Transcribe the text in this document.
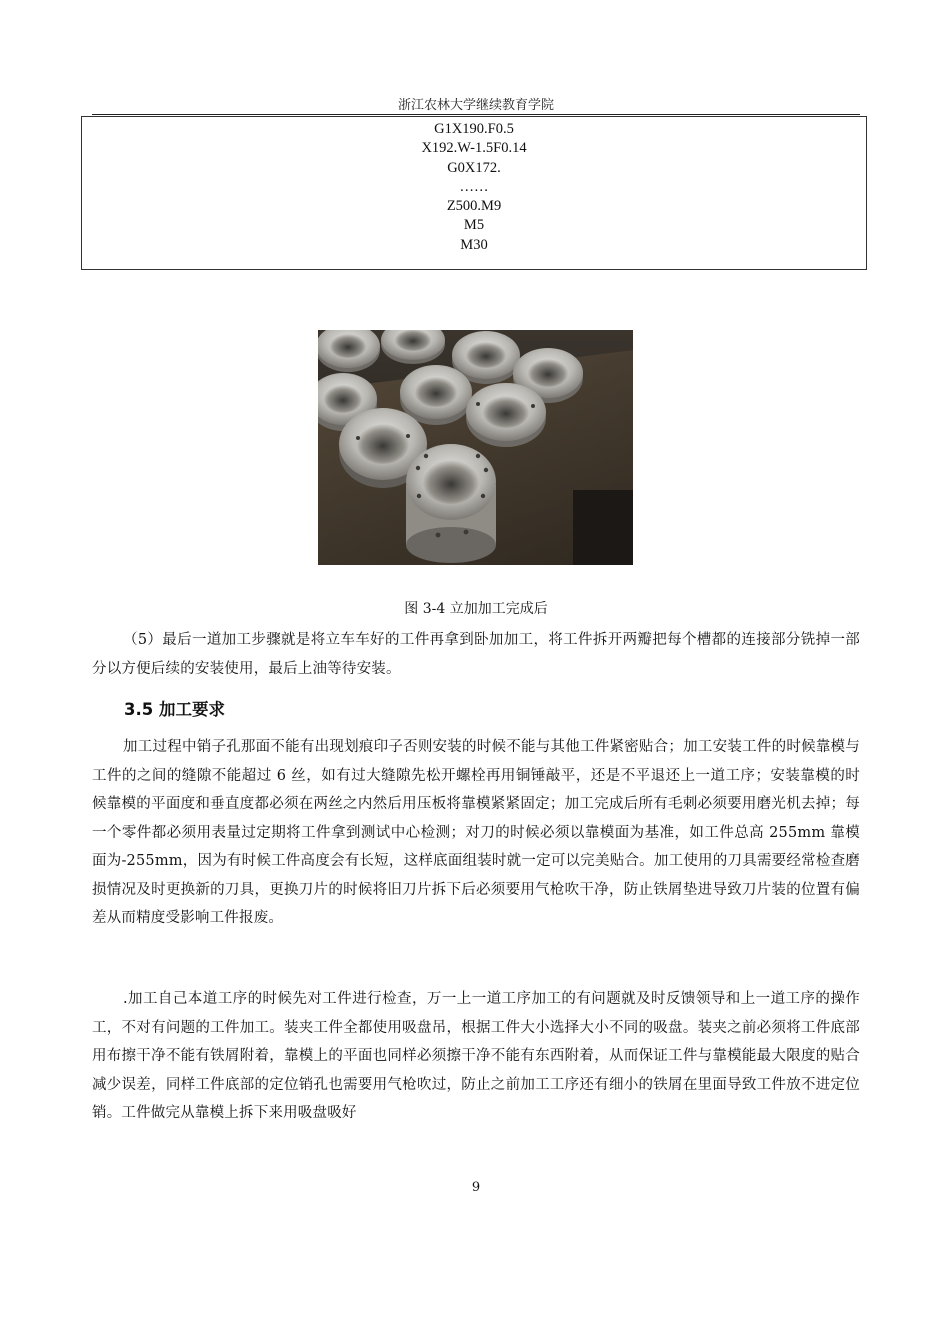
浙江农林大学继续教育学院
G1X190.F0.5
X192.W-1.5F0.14
G0X172.
……
Z500.M9
M5
M30
图 3-4 立加加工完成后

（5）最后一道加工步骤就是将立车车好的工件再拿到卧加加工，将工件拆开两瓣把每个槽都的连接部分铣掉一部分以方便后续的安装使用，最后上油等待安装。

3.5 加工要求

加工过程中销子孔那面不能有出现划痕印子否则安装的时候不能与其他工件紧密贴合；加工安装工件的时候靠模与工件的之间的缝隙不能超过 6 丝，如有过大缝隙先松开螺栓再用铜锤敲平，还是不平退还上一道工序；安装靠模的时候靠模的平面度和垂直度都必须在两丝之内然后用压板将靠模紧紧固定；加工完成后所有毛刺必须要用磨光机去掉；每一个零件都必须用表量过定期将工件拿到测试中心检测；对刀的时候必须以靠模面为基准，如工件总高 255mm 靠模面为-255mm，因为有时候工件高度会有长短，这样底面组装时就一定可以完美贴合。加工使用的刀具需要经常检查磨损情况及时更换新的刀具，更换刀片的时候将旧刀片拆下后必须要用气枪吹干净，防止铁屑垫进导致刀片装的位置有偏差从而精度受影响工件报废。

.加工自己本道工序的时候先对工件进行检查，万一上一道工序加工的有问题就及时反馈领导和上一道工序的操作工，不对有问题的工件加工。装夹工件全都使用吸盘吊，根据工件大小选择大小不同的吸盘。装夹之前必须将工件底部用布擦干净不能有铁屑附着，靠模上的平面也同样必须擦干净不能有东西附着，从而保证工件与靠模能最大限度的贴合减少误差，同样工件底部的定位销孔也需要用气枪吹过，防止之前加工工序还有细小的铁屑在里面导致工件放不进定位销。工件做完从靠模上拆下来用吸盘吸好

9
